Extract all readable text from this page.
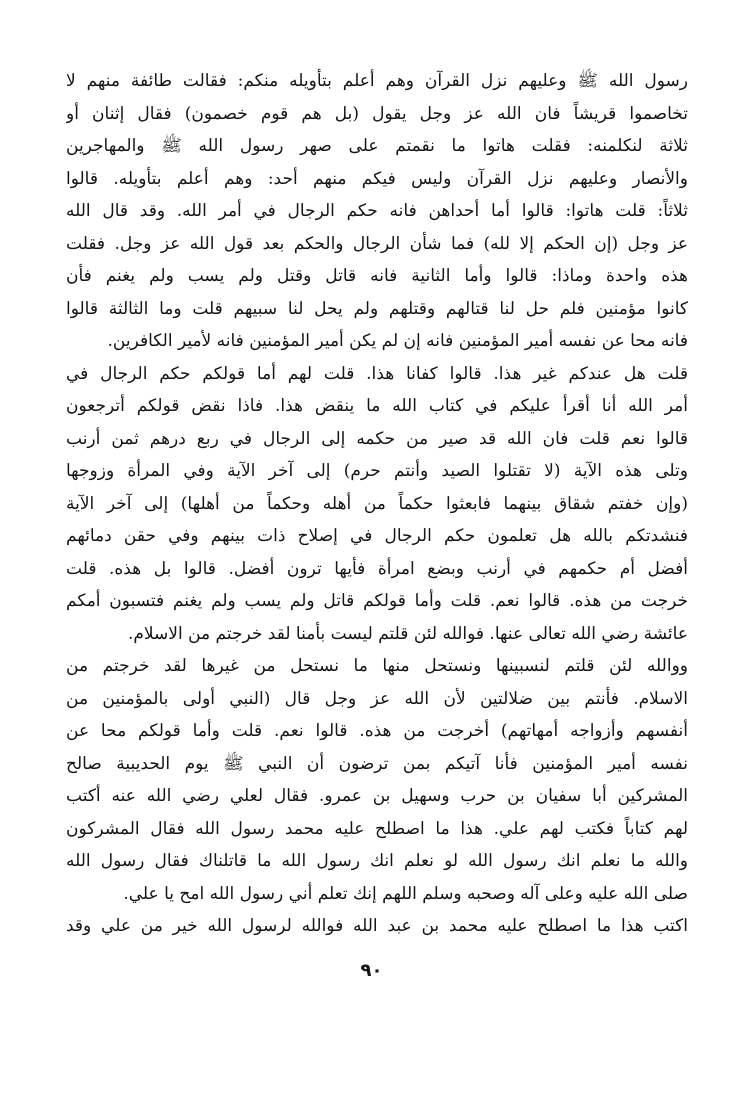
رسول الله ﷺ وعليهم نزل القرآن وهم أعلم بتأويله منكم: فقالت طائفة منهم لا
تخاصموا قريشاً فان الله عز وجل يقول (بل هم قوم خصمون) فقال إثنان أو
ثلاثة لنكلمنه: فقلت هاتوا ما نقمتم على صهر رسول الله ﷺ والمهاجرين
والأنصار وعليهم نزل القرآن وليس فيكم منهم أحد: وهم أعلم بتأويله. قالوا
ثلاثاً: قلت هاتوا: قالوا أما أحداهن فانه حكم الرجال في أمر الله. وقد قال الله
عز وجل (إن الحكم إلا لله) فما شأن الرجال والحكم بعد قول الله عز وجل. فقلت
هذه واحدة وماذا: قالوا وأما الثانية فانه قاتل وقتل ولم يسب ولم يغنم فأن
كانوا مؤمنين فلم حل لنا قتالهم وقتلهم ولم يحل لنا سبيهم قلت وما الثالثة قالوا
فانه محا عن نفسه أمير المؤمنين فانه إن لم يكن أمير المؤمنين فانه لأمير الكافرين.
قلت هل عندكم غير هذا. قالوا كفانا هذا. قلت لهم أما قولكم حكم الرجال في
أمر الله أنا أقرأ عليكم في كتاب الله ما ينقض هذا. فاذا نقض قولكم أترجعون
قالوا نعم قلت فان الله قد صير من حكمه إلى الرجال في ربع درهم ثمن أرنب
وتلى هذه الآية (لا تقتلوا الصيد وأنتم حرم) إلى آخر الآية وفي المرأة وزوجها
(وإن خفتم شقاق بينهما فابعثوا حكماً من أهله وحكماً من أهلها) إلى آخر الآية
فنشدتكم بالله هل تعلمون حكم الرجال في إصلاح ذات بينهم وفي حقن دمائهم
أفضل أم حكمهم في أرنب وبضع امرأة فأيها ترون أفضل. قالوا بل هذه. قلت
خرجت من هذه. قالوا نعم. قلت وأما قولكم قاتل ولم يسب ولم يغنم فتسبون أمكم
عائشة رضي الله تعالى عنها. فوالله لئن قلتم ليست بأمنا لقد خرجتم من الاسلام.
ووالله لئن قلتم لنسبينها ونستحل منها ما نستحل من غيرها لقد خرجتم من
الاسلام. فأنتم بين ضلالتين لأن الله عز وجل قال (النبي أولى بالمؤمنين من
أنفسهم وأزواجه أمهاتهم) أخرجت من هذه. قالوا نعم. قلت وأما قولكم محا عن
نفسه أمير المؤمنين فأنا آتيكم بمن ترضون أن النبي ﷺ يوم الحديبية صالح
المشركين أبا سفيان بن حرب وسهيل بن عمرو. فقال لعلي رضي الله عنه أكتب
لهم كتاباً فكتب لهم علي. هذا ما اصطلح عليه محمد رسول الله فقال المشركون
والله ما نعلم انك رسول الله لو نعلم انك رسول الله ما قاتلناك فقال رسول الله
صلى الله عليه وعلى آله وصحبه وسلم اللهم إنك تعلم أني رسول الله امح يا علي.
اكتب هذا ما اصطلح عليه محمد بن عبد الله فوالله لرسول الله خير من علي وقد
٩٠
